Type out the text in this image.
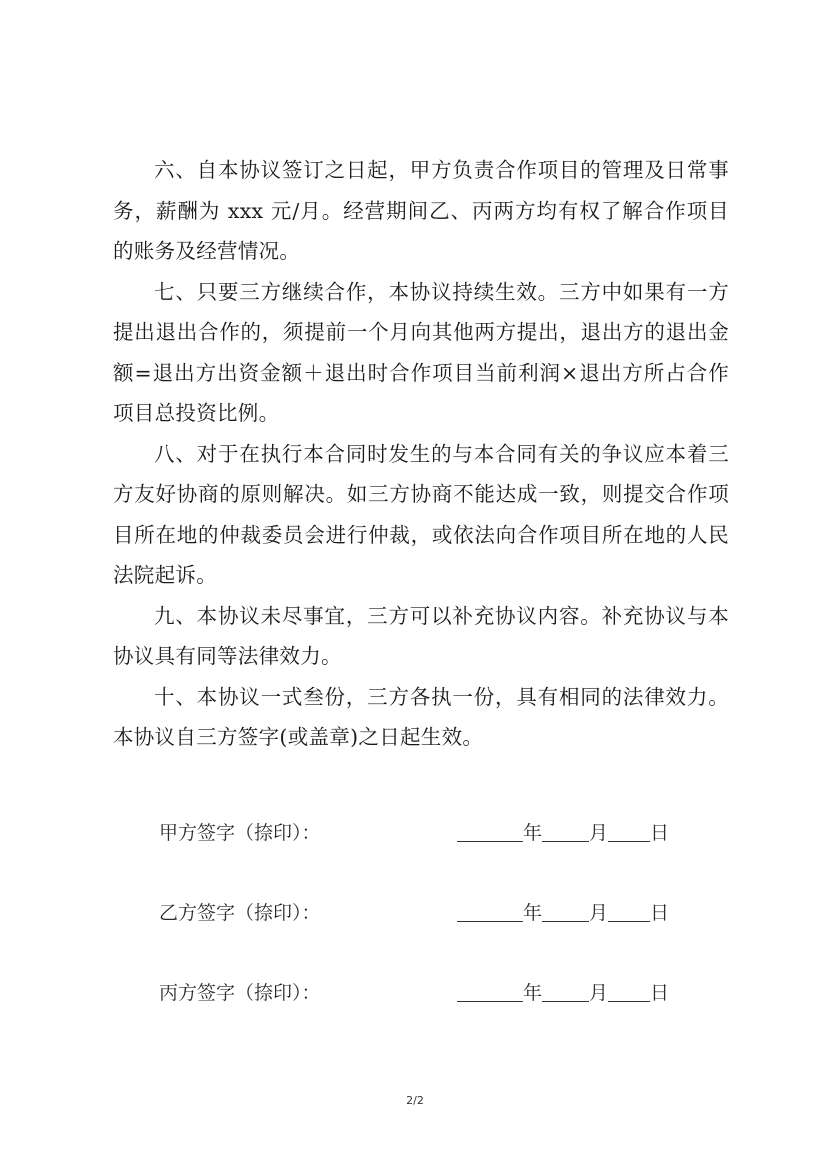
六、自本协议签订之日起，甲方负责合作项目的管理及日常事务，薪酬为 xxx 元/月。经营期间乙、丙两方均有权了解合作项目的账务及经营情况。

七、只要三方继续合作，本协议持续生效。三方中如果有一方提出退出合作的，须提前一个月向其他两方提出，退出方的退出金额=退出方出资金额＋退出时合作项目当前利润×退出方所占合作项目总投资比例。

八、对于在执行本合同时发生的与本合同有关的争议应本着三方友好协商的原则解决。如三方协商不能达成一致，则提交合作项目所在地的仲裁委员会进行仲裁，或依法向合作项目所在地的人民法院起诉。

九、本协议未尽事宜，三方可以补充协议内容。补充协议与本协议具有同等法律效力。

十、本协议一式叁份，三方各执一份，具有相同的法律效力。本协议自三方签字(或盖章)之日起生效。

甲方签字（捺印）：	年 月 日
乙方签字（捺印）：	年 月 日
丙方签字（捺印）：	年 月 日
2/2
